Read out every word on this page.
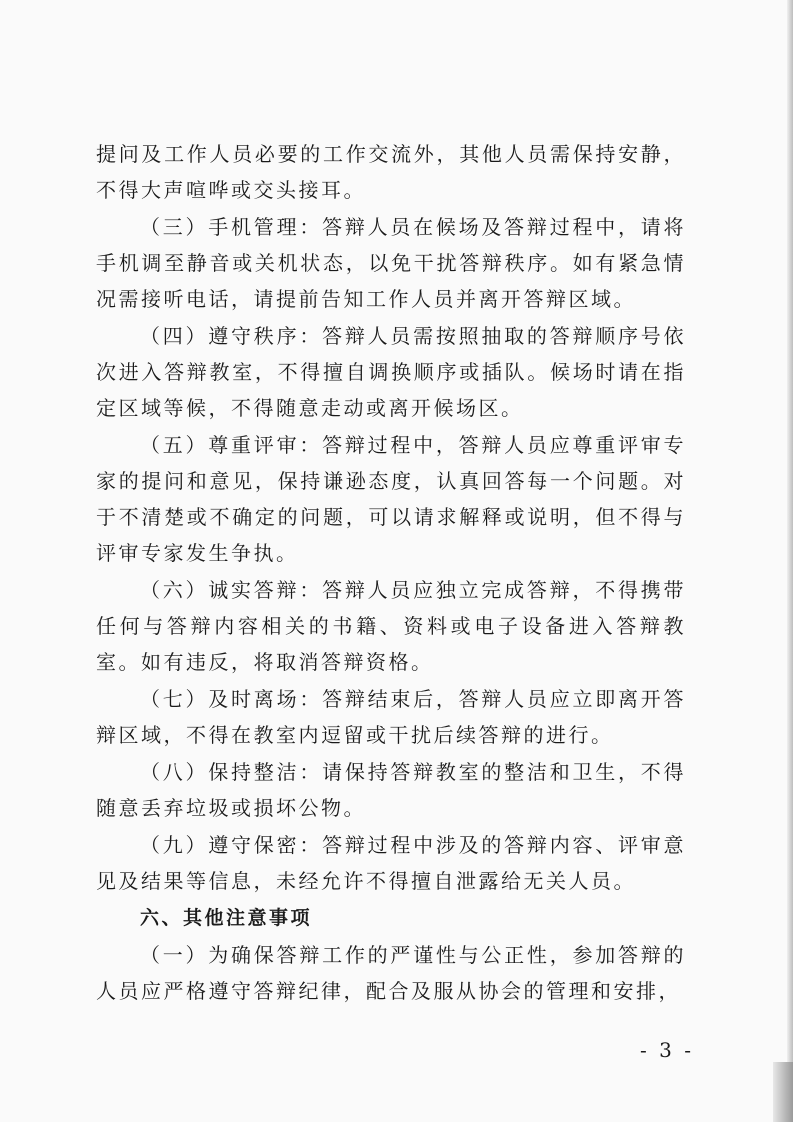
提问及工作人员必要的工作交流外，其他人员需保持安静，不得大声喧哗或交头接耳。

（三）手机管理：答辩人员在候场及答辩过程中，请将手机调至静音或关机状态，以免干扰答辩秩序。如有紧急情况需接听电话，请提前告知工作人员并离开答辩区域。

（四）遵守秩序：答辩人员需按照抽取的答辩顺序号依次进入答辩教室，不得擅自调换顺序或插队。候场时请在指定区域等候，不得随意走动或离开候场区。

（五）尊重评审：答辩过程中，答辩人员应尊重评审专家的提问和意见，保持谦逊态度，认真回答每一个问题。对于不清楚或不确定的问题，可以请求解释或说明，但不得与评审专家发生争执。

（六）诚实答辩：答辩人员应独立完成答辩，不得携带任何与答辩内容相关的书籍、资料或电子设备进入答辩教室。如有违反，将取消答辩资格。

（七）及时离场：答辩结束后，答辩人员应立即离开答辩区域，不得在教室内逗留或干扰后续答辩的进行。

（八）保持整洁：请保持答辩教室的整洁和卫生，不得随意丢弃垃圾或损坏公物。

（九）遵守保密：答辩过程中涉及的答辩内容、评审意见及结果等信息，未经允许不得擅自泄露给无关人员。

六、其他注意事项

（一）为确保答辩工作的严谨性与公正性，参加答辩的人员应严格遵守答辩纪律，配合及服从协会的管理和安排，

- 3 -
